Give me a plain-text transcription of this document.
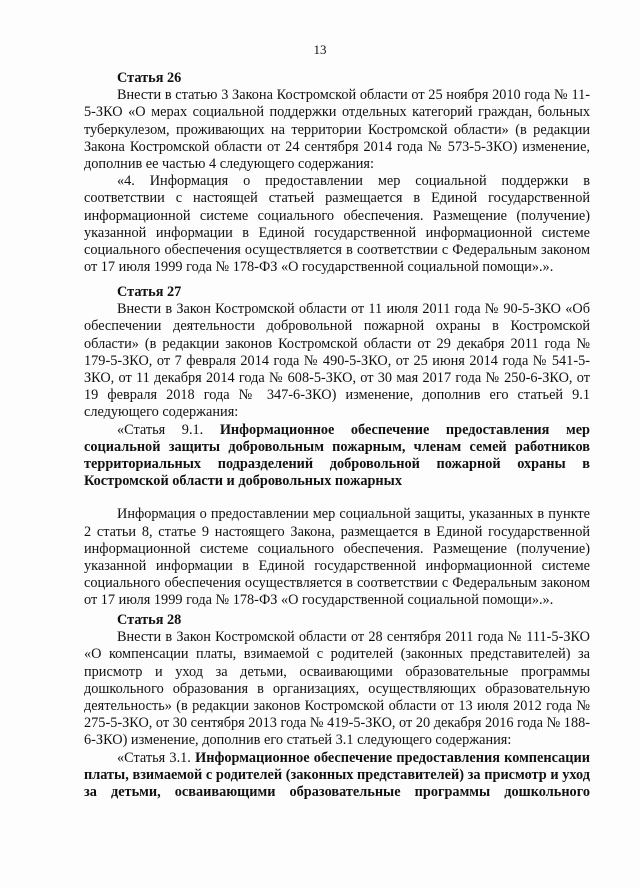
13
Статья 26
Внести в статью 3 Закона Костромской области от 25 ноября 2010 года № 11-5-ЗКО «О мерах социальной поддержки отдельных категорий граждан, больных туберкулезом, проживающих на территории Костромской области» (в редакции Закона Костромской области от 24 сентября 2014 года № 573-5-ЗКО) изменение, дополнив ее частью 4 следующего содержания:
«4. Информация о предоставлении мер социальной поддержки в соответствии с настоящей статьей размещается в Единой государственной информационной системе социального обеспечения. Размещение (получение) указанной информации в Единой государственной информационной системе социального обеспечения осуществляется в соответствии с Федеральным законом от 17 июля 1999 года № 178-ФЗ «О государственной социальной помощи».».
Статья 27
Внести в Закон Костромской области от 11 июля 2011 года № 90-5-ЗКО «Об обеспечении деятельности добровольной пожарной охраны в Костромской области» (в редакции законов Костромской области от 29 декабря 2011 года № 179-5-ЗКО, от 7 февраля 2014 года № 490-5-ЗКО, от 25 июня 2014 года № 541-5-ЗКО, от 11 декабря 2014 года № 608-5-ЗКО, от 30 мая 2017 года № 250-6-ЗКО, от 19 февраля 2018 года № 347-6-ЗКО) изменение, дополнив его статьей 9.1 следующего содержания:
«Статья 9.1. Информационное обеспечение предоставления мер социальной защиты добровольным пожарным, членам семей работников территориальных подразделений добровольной пожарной охраны в Костромской области и добровольных пожарных
Информация о предоставлении мер социальной защиты, указанных в пункте 2 статьи 8, статье 9 настоящего Закона, размещается в Единой государственной информационной системе социального обеспечения. Размещение (получение) указанной информации в Единой государственной информационной системе социального обеспечения осуществляется в соответствии с Федеральным законом от 17 июля 1999 года № 178-ФЗ «О государственной социальной помощи».».
Статья 28
Внести в Закон Костромской области от 28 сентября 2011 года № 111-5-ЗКО «О компенсации платы, взимаемой с родителей (законных представителей) за присмотр и уход за детьми, осваивающими образовательные программы дошкольного образования в организациях, осуществляющих образовательную деятельность» (в редакции законов Костромской области от 13 июля 2012 года № 275-5-ЗКО, от 30 сентября 2013 года № 419-5-ЗКО, от 20 декабря 2016 года № 188-6-ЗКО) изменение, дополнив его статьей 3.1 следующего содержания:
«Статья 3.1. Информационное обеспечение предоставления компенсации платы, взимаемой с родителей (законных представителей) за присмотр и уход за детьми, осваивающими образовательные программы дошкольного
